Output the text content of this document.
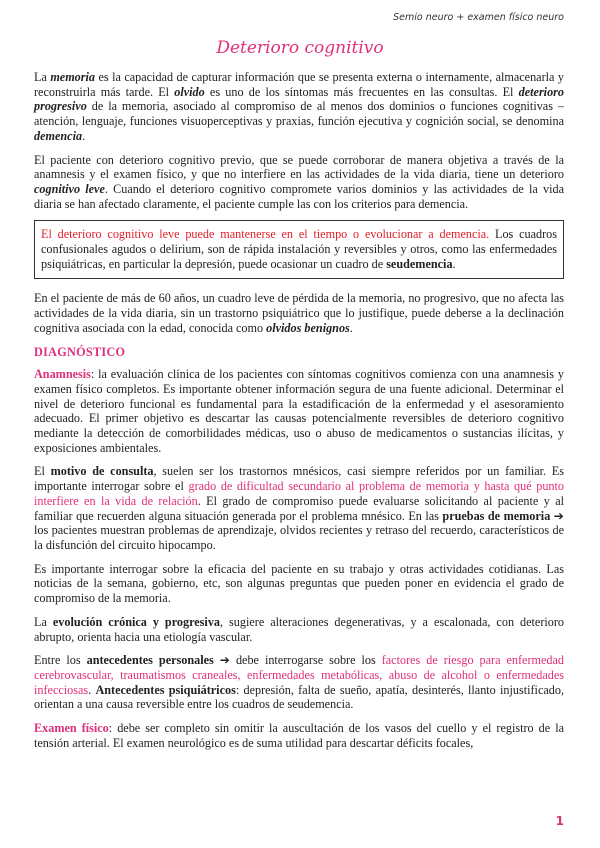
Semio neuro + examen físico neuro
Deterioro cognitivo

La memoria es la capacidad de capturar información que se presenta externa o internamente, almacenarla y reconstruirla más tarde. El olvido es uno de los síntomas más frecuentes en las consultas. El deterioro progresivo de la memoria, asociado al compromiso de al menos dos dominios o funciones cognitivas – atención, lenguaje, funciones visuoperceptivas y praxias, función ejecutiva y cognición social, se denomina demencia.

El paciente con deterioro cognitivo previo, que se puede corroborar de manera objetiva a través de la anamnesis y el examen físico, y que no interfiere en las actividades de la vida diaria, tiene un deterioro cognitivo leve. Cuando el deterioro cognitivo compromete varios dominios y las actividades de la vida diaria se han afectado claramente, el paciente cumple las con los criterios para demencia.

El deterioro cognitivo leve puede mantenerse en el tiempo o evolucionar a demencia. Los cuadros confusionales agudos o delirium, son de rápida instalación y reversibles y otros, como las enfermedades psiquiátricas, en particular la depresión, puede ocasionar un cuadro de seudemencia.

En el paciente de más de 60 años, un cuadro leve de pérdida de la memoria, no progresivo, que no afecta las actividades de la vida diaria, sin un trastorno psiquiátrico que lo justifique, puede deberse a la declinación cognitiva asociada con la edad, conocida como olvidos benignos.

DIAGNÓSTICO

Anamnesis: la evaluación clínica de los pacientes con síntomas cognitivos comienza con una anamnesis y examen físico completos. Es importante obtener información segura de una fuente adicional. Determinar el nivel de deterioro funcional es fundamental para la estadificación de la enfermedad y el asesoramiento adecuado. El primer objetivo es descartar las causas potencialmente reversibles de deterioro cognitivo mediante la detección de comorbilidades médicas, uso o abuso de medicamentos o sustancias ilícitas, y exposiciones ambientales.

El motivo de consulta, suelen ser los trastornos mnésicos, casi siempre referidos por un familiar. Es importante interrogar sobre el grado de dificultad secundario al problema de memoria y hasta qué punto interfiere en la vida de relación. El grado de compromiso puede evaluarse solicitando al paciente y al familiar que recuerden alguna situación generada por el problema mnésico. En las pruebas de memoria ➔ los pacientes muestran problemas de aprendizaje, olvidos recientes y retraso del recuerdo, característicos de la disfunción del circuito hipocampo.

Es importante interrogar sobre la eficacia del paciente en su trabajo y otras actividades cotidianas. Las noticias de la semana, gobierno, etc, son algunas preguntas que pueden poner en evidencia el grado de compromiso de la memoria.

La evolución crónica y progresiva, sugiere alteraciones degenerativas, y a escalonada, con deterioro abrupto, orienta hacia una etiología vascular.

Entre los antecedentes personales ➔ debe interrogarse sobre los factores de riesgo para enfermedad cerebrovascular, traumatismos craneales, enfermedades metabólicas, abuso de alcohol o enfermedades infecciosas. Antecedentes psiquiátricos: depresión, falta de sueño, apatía, desinterés, llanto injustificado, orientan a una causa reversible entre los cuadros de seudemencia.

Examen físico: debe ser completo sin omitir la auscultación de los vasos del cuello y el registro de la tensión arterial. El examen neurológico es de suma utilidad para descartar déficits focales,

1
